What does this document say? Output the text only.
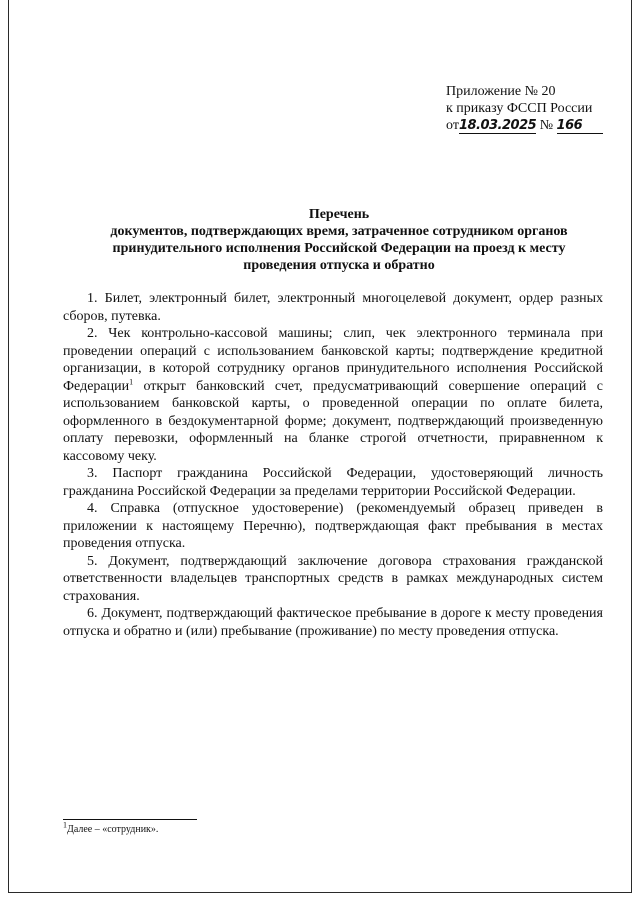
Приложение № 20
к приказу ФССП России
от18.03.2025 № 166
Перечень
документов, подтверждающих время, затраченное сотрудником органов
принудительного исполнения Российской Федерации на проезд к месту
проведения отпуска и обратно

1. Билет, электронный билет, электронный многоцелевой документ, ордер разных сборов, путевка.

2. Чек контрольно-кассовой машины; слип, чек электронного терминала при проведении операций с использованием банковской карты; подтверждение кредитной организации, в которой сотруднику органов принудительного исполнения Российской Федерации$^1$ открыт банковский счет, предусматривающий совершение операций с использованием банковской карты, о проведенной операции по оплате билета, оформленного в бездокументарной форме; документ, подтверждающий произведенную оплату перевозки, оформленный на бланке строгой отчетности, приравненном к кассовому чеку.

3. Паспорт гражданина Российской Федерации, удостоверяющий личность гражданина Российской Федерации за пределами территории Российской Федерации.

4. Справка (отпускное удостоверение) (рекомендуемый образец приведен в приложении к настоящему Перечню), подтверждающая факт пребывания в местах проведения отпуска.

5. Документ, подтверждающий заключение договора страхования гражданской ответственности владельцев транспортных средств в рамках международных систем страхования.

6. Документ, подтверждающий фактическое пребывание в дороге к месту проведения отпуска и обратно и (или) пребывание (проживание) по месту проведения отпуска.

$^1$Далее – «сотрудник».
